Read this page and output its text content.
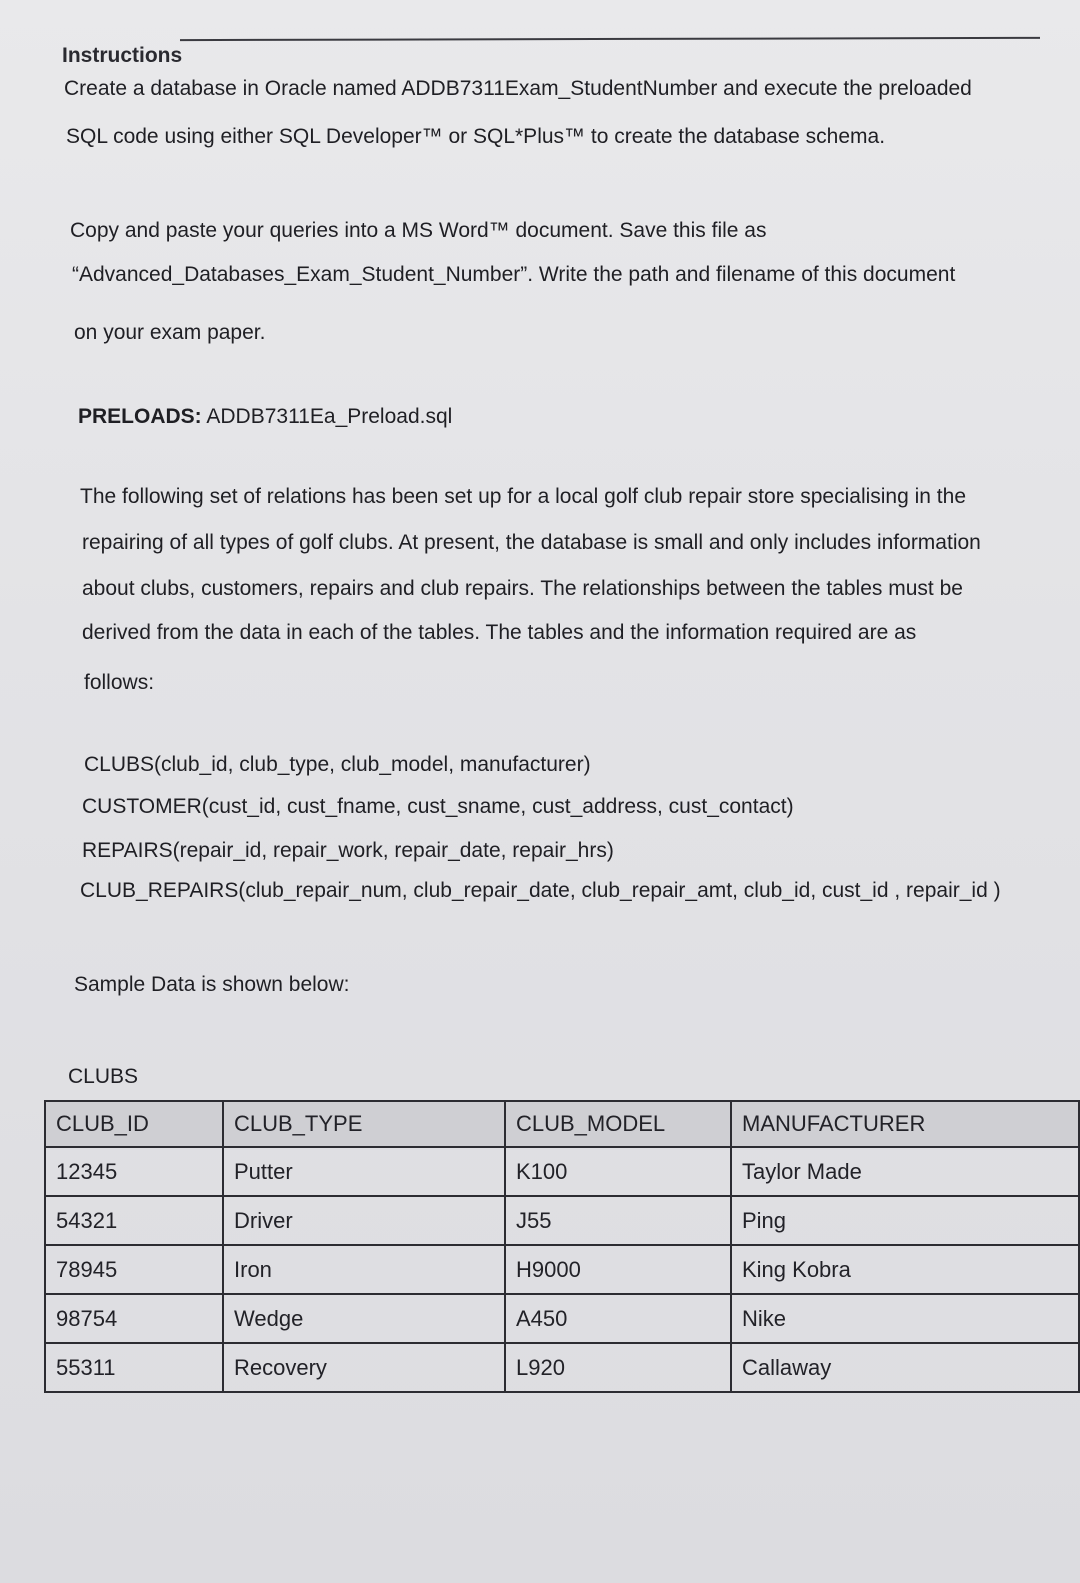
Instructions
Create a database in Oracle named ADDB7311Exam_StudentNumber and execute the preloaded
SQL code using either SQL Developer™ or SQL*Plus™ to create the database schema.
Copy and paste your queries into a MS Word™ document. Save this file as
“Advanced_Databases_Exam_Student_Number”. Write the path and filename of this document
on your exam paper.
PRELOADS: ADDB7311Ea_Preload.sql
The following set of relations has been set up for a local golf club repair store specialising in the
repairing of all types of golf clubs. At present, the database is small and only includes information
about clubs, customers, repairs and club repairs. The relationships between the tables must be
derived from the data in each of the tables. The tables and the information required are as
follows:
CLUBS(club_id, club_type, club_model, manufacturer)
CUSTOMER(cust_id, cust_fname, cust_sname, cust_address, cust_contact)
REPAIRS(repair_id, repair_work, repair_date, repair_hrs)
CLUB_REPAIRS(club_repair_num, club_repair_date, club_repair_amt, club_id, cust_id , repair_id )
Sample Data is shown below:
CLUBS
CLUB_ID	CLUB_TYPE	CLUB_MODEL	MANUFACTURER
12345	Putter	K100	Taylor Made
54321	Driver	J55	Ping
78945	Iron	H9000	King Kobra
98754	Wedge	A450	Nike
55311	Recovery	L920	Callaway
